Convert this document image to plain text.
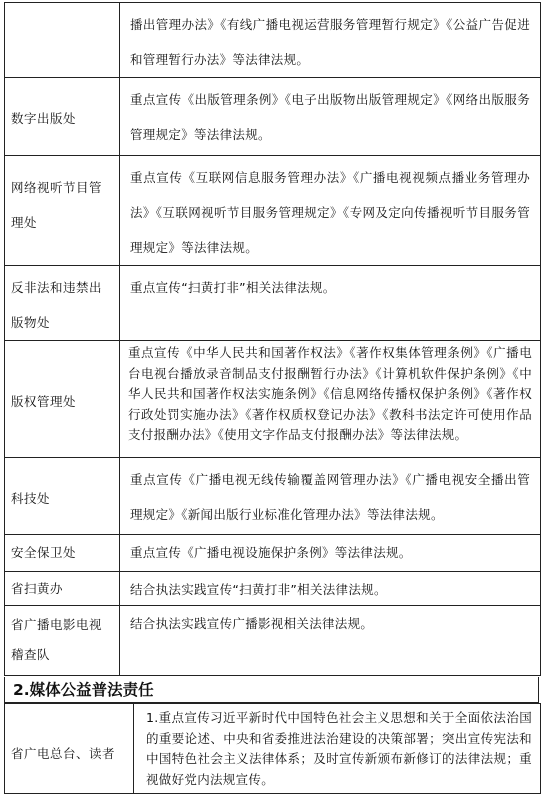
	播出管理办法》《有线广播电视运营服务管理暂行规定》《公益广告促进和管理暂行办法》等法律法规。
数字出版处	重点宣传《出版管理条例》《电子出版物出版管理规定》《网络出版服务管理规定》等法律法规。
网络视听节目管理处	重点宣传《互联网信息服务管理办法》《广播电视视频点播业务管理办法》《互联网视听节目服务管理规定》《专网及定向传播视听节目服务管理规定》等法律法规。
反非法和违禁出版物处	重点宣传“扫黄打非”相关法律法规。
版权管理处	重点宣传《中华人民共和国著作权法》《著作权集体管理条例》《广播电台电视台播放录音制品支付报酬暂行办法》《计算机软件保护条例》《中华人民共和国著作权法实施条例》《信息网络传播权保护条例》《著作权行政处罚实施办法》《著作权质权登记办法》《教科书法定许可使用作品支付报酬办法》《使用文字作品支付报酬办法》等法律法规。
科技处	重点宣传《广播电视无线传输覆盖网管理办法》《广播电视安全播出管理规定》《新闻出版行业标准化管理办法》等法律法规。
安全保卫处	重点宣传《广播电视设施保护条例》等法律法规。
省扫黄办	结合执法实践宣传“扫黄打非”相关法律法规。
省广播电影电视稽查队	结合执法实践宣传广播影视相关法律法规。
2.媒体公益普法责任
省广电总台、读者	1.重点宣传习近平新时代中国特色社会主义思想和关于全面依法治国的重要论述、中央和省委推进法治建设的决策部署；突出宣传宪法和中国特色社会主义法律体系；及时宣传新颁布新修订的法律法规；重视做好党内法规宣传。
